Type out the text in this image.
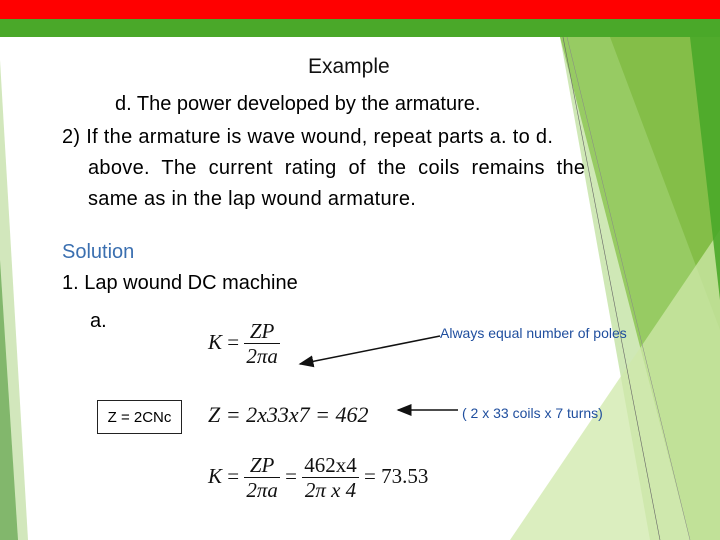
Example
d. The power developed by the armature.
2) If the armature is wave wound, repeat parts a. to d.
above. The current rating of the coils remains the
same as in the lap wound armature.
Solution
1. Lap wound DC machine
a.
$K = \frac{ZP}{2\pi a}$
Z = 2x33x7 = 462
$K = \frac{ZP}{2\pi a} = \frac{462x4}{\text{2π x 4}} = 73.53$
Z = 2CNc
Always equal number of poles
( 2 x 33 coils x 7 turns)
